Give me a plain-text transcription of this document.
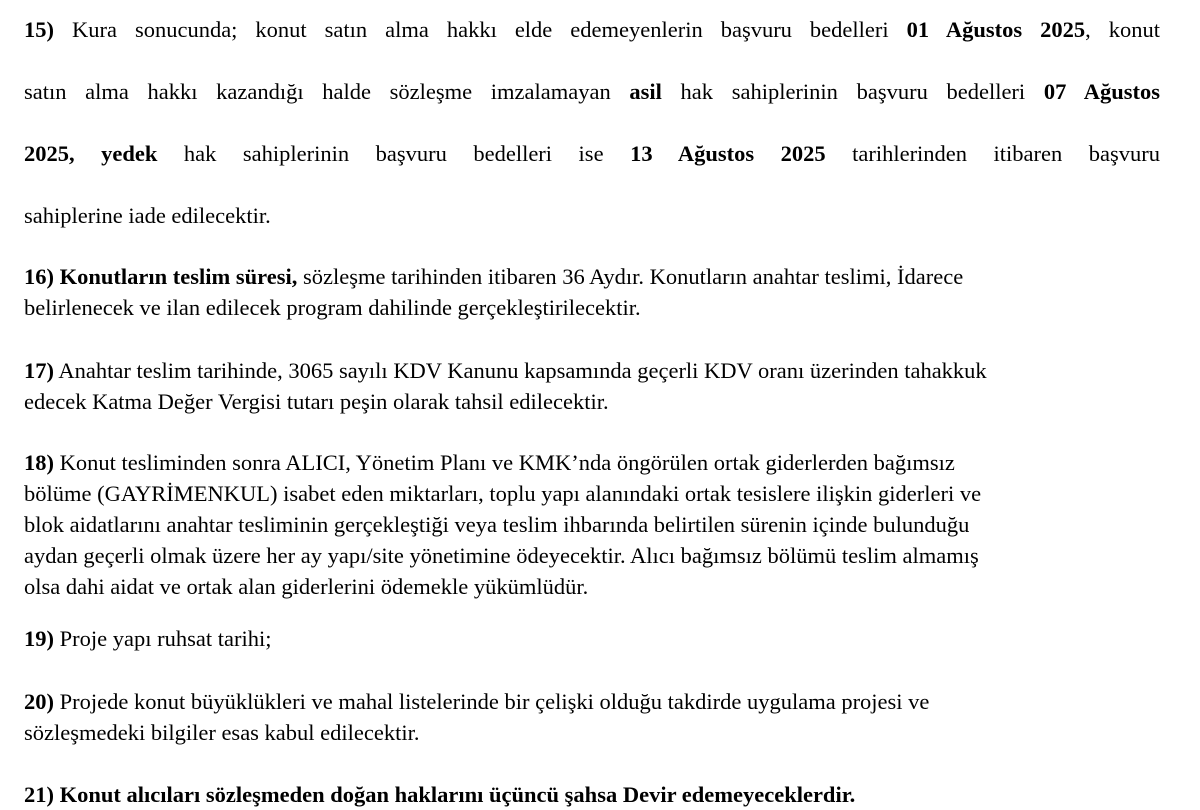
15) Kura sonucunda; konut satın alma hakkı elde edemeyenlerin başvuru bedelleri 01 Ağustos 2025, konut
satın alma hakkı kazandığı halde sözleşme imzalamayan asil hak sahiplerinin başvuru bedelleri 07 Ağustos
2025, yedek hak sahiplerinin başvuru bedelleri ise 13 Ağustos 2025 tarihlerinden itibaren başvuru
sahiplerine iade edilecektir.
16) Konutların teslim süresi, sözleşme tarihinden itibaren 36 Aydır. Konutların anahtar teslimi, İdarece
belirlenecek ve ilan edilecek program dahilinde gerçekleştirilecektir.
17) Anahtar teslim tarihinde, 3065 sayılı KDV Kanunu kapsamında geçerli KDV oranı üzerinden tahakkuk
edecek Katma Değer Vergisi tutarı peşin olarak tahsil edilecektir.
18) Konut tesliminden sonra ALICI, Yönetim Planı ve KMK’nda öngörülen ortak giderlerden bağımsız
bölüme (GAYRİMENKUL) isabet eden miktarları, toplu yapı alanındaki ortak tesislere ilişkin giderleri ve
blok aidatlarını anahtar tesliminin gerçekleştiği veya teslim ihbarında belirtilen sürenin içinde bulunduğu
aydan geçerli olmak üzere her ay yapı/site yönetimine ödeyecektir. Alıcı bağımsız bölümü teslim almamış
olsa dahi aidat ve ortak alan giderlerini ödemekle yükümlüdür.
19) Proje yapı ruhsat tarihi;
20) Projede konut büyüklükleri ve mahal listelerinde bir çelişki olduğu takdirde uygulama projesi ve
sözleşmedeki bilgiler esas kabul edilecektir.
21) Konut alıcıları sözleşmeden doğan haklarını üçüncü şahsa Devir edemeyeceklerdir.
